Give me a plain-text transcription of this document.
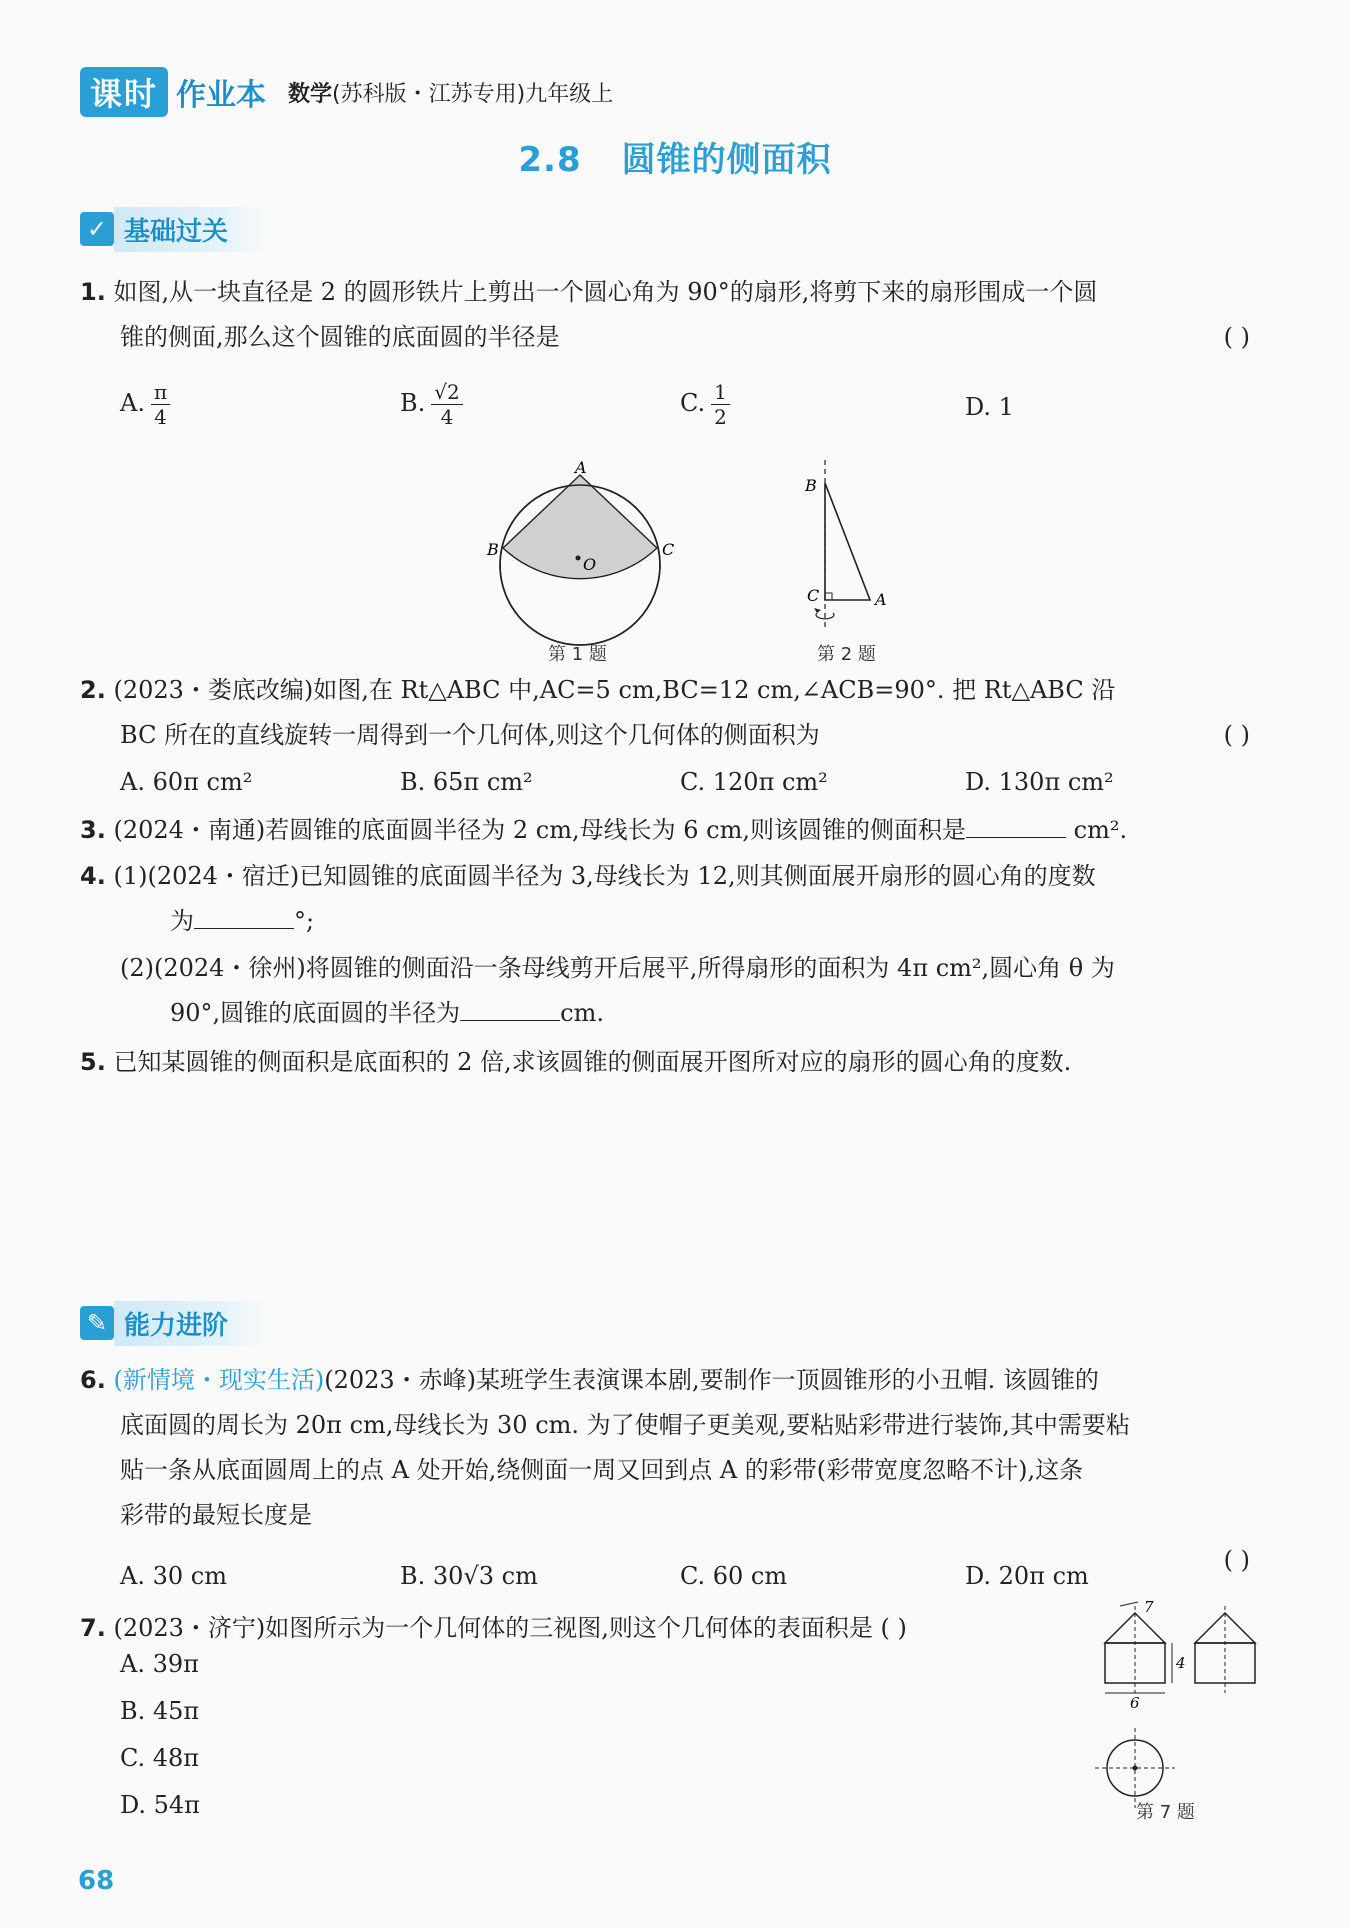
课时 作业本 数学(苏科版・江苏专用)九年级上
2.8 圆锥的侧面积
✓ 基础过关
1. 如图,从一块直径是 2 的圆形铁片上剪出一个圆心角为 90°的扇形,将剪下来的扇形围成一个圆
锥的侧面,那么这个圆锥的底面圆的半径是	( )
A. $\frac{\pi}{4}$	B. $\frac{√2}{4}$	C. $\frac{1}{2}$	D. 1
A
B	C
O
第 1 题
B
C	A
第 2 题
2. (2023・娄底改编)如图,在 Rt△ABC 中,AC=5 cm,BC=12 cm,∠ACB=90°. 把 Rt△ABC 沿
BC 所在的直线旋转一周得到一个几何体,则这个几何体的侧面积为	( )
A. 60π cm²	B. 65π cm²	C. 120π cm²	D. 130π cm²
3. (2024・南通)若圆锥的底面圆半径为 2 cm,母线长为 6 cm,则该圆锥的侧面积是	cm².
4. (1)(2024・宿迁)已知圆锥的底面圆半径为 3,母线长为 12,则其侧面展开扇形的圆心角的度数
为	°;
(2)(2024・徐州)将圆锥的侧面沿一条母线剪开后展平,所得扇形的面积为 4π cm²,圆心角 θ 为
90°,圆锥的底面圆的半径为	cm.
5. 已知某圆锥的侧面积是底面积的 2 倍,求该圆锥的侧面展开图所对应的扇形的圆心角的度数.
✎ 能力进阶
6. (新情境・现实生活)(2023・赤峰)某班学生表演课本剧,要制作一顶圆锥形的小丑帽. 该圆锥的
底面圆的周长为 20π cm,母线长为 30 cm. 为了使帽子更美观,要粘贴彩带进行装饰,其中需要粘
贴一条从底面圆周上的点 A 处开始,绕侧面一周又回到点 A 的彩带(彩带宽度忽略不计),这条
彩带的最短长度是
( )
A. 30 cm	B. 30√3 cm	C. 60 cm	D. 20π cm
7. (2023・济宁)如图所示为一个几何体的三视图,则这个几何体的表面积是 ( )
A. 39π
B. 45π
C. 48π
D. 54π
7
4
6
第 7 题
68
